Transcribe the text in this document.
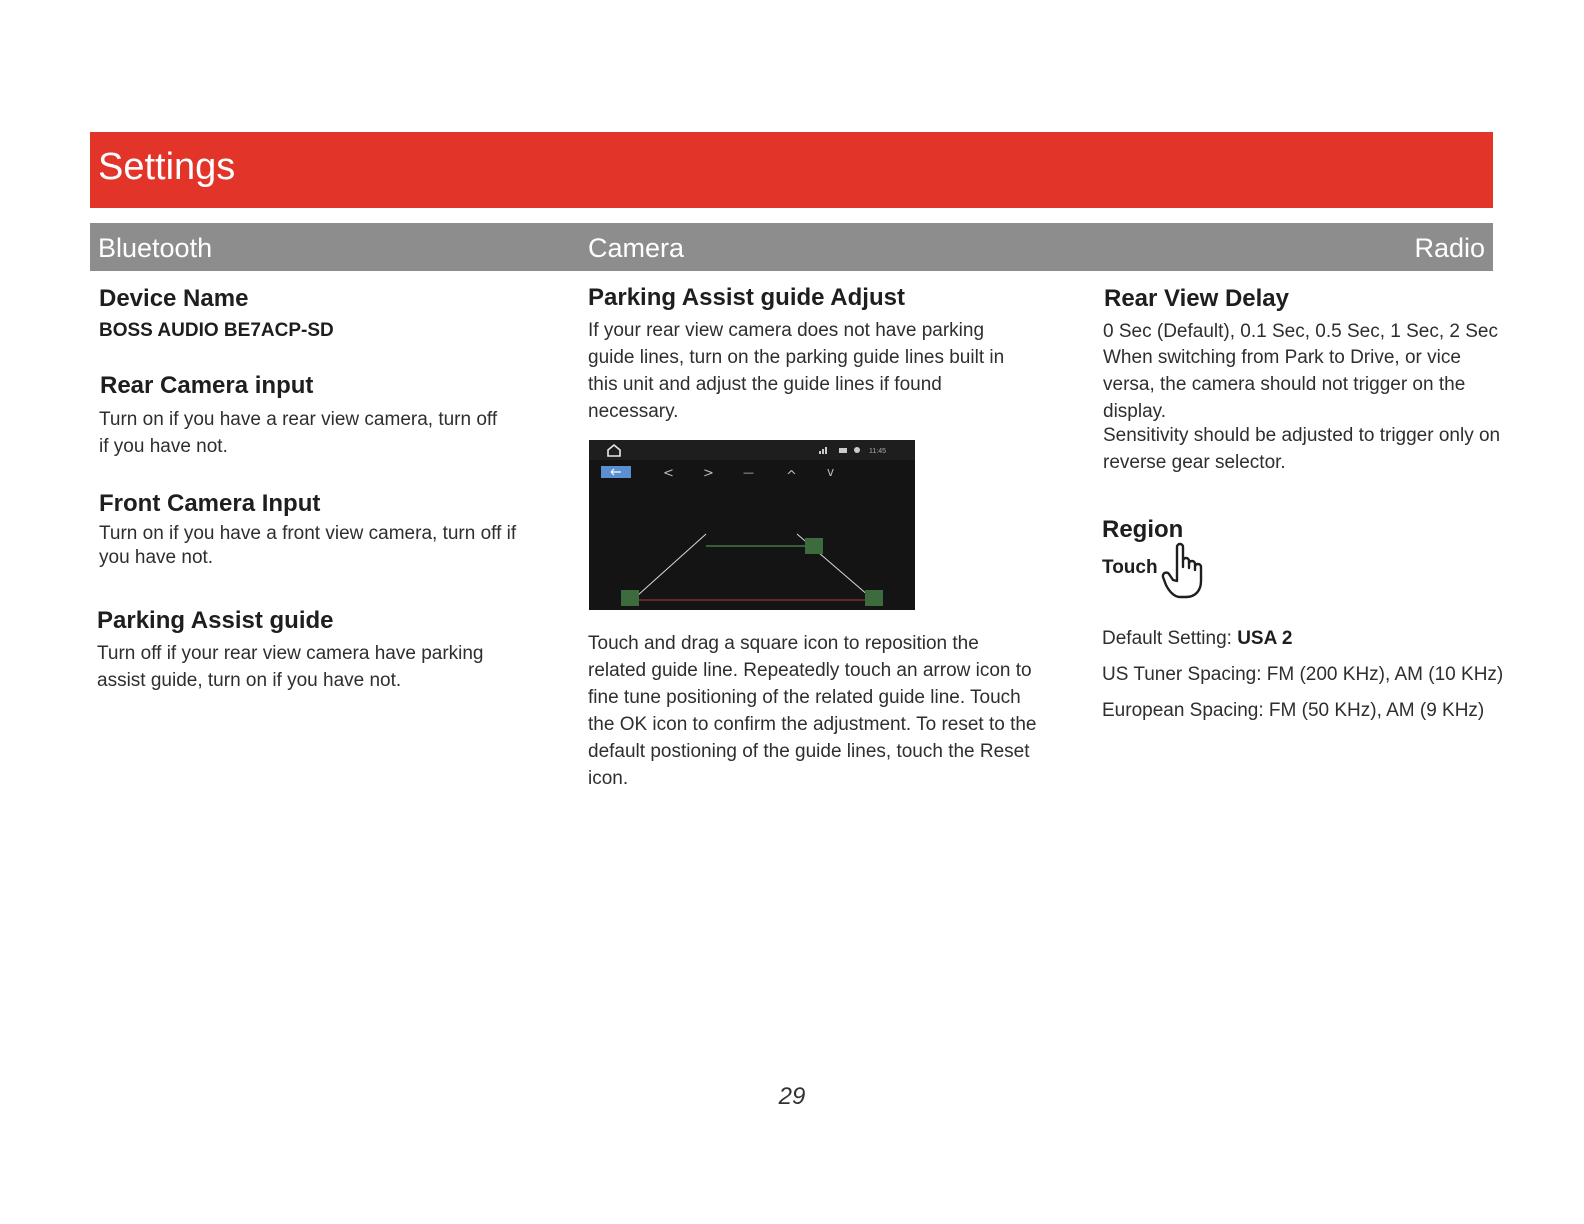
Settings
Bluetooth	Camera	Radio
Device Name
BOSS AUDIO BE7ACP-SD
Rear Camera input
Turn on if you have a rear view camera, turn off if you have not.
Front Camera Input
Turn on if you have a front view camera, turn off if you have not.
Parking Assist guide
Turn off if your rear view camera have parking assist guide, turn on if you have not.
Parking Assist guide Adjust
If your rear view camera does not have parking guide lines, turn on the parking guide lines built in this unit and adjust the guide lines if found necessary.
11:45
< >	— ^	v
Touch and drag a square icon to reposition the related guide line. Repeatedly touch an arrow icon to fine tune positioning of the related guide line. Touch the OK icon to confirm the adjustment. To reset to the default postioning of the guide lines, touch the Reset icon.
Rear View Delay
0 Sec (Default), 0.1 Sec, 0.5 Sec, 1 Sec, 2 Sec
When switching from Park to Drive, or vice versa, the camera should not trigger on the display.
Sensitivity should be adjusted to trigger only on reverse gear selector.
Region
Touch
Default Setting: USA 2
US Tuner Spacing: FM (200 KHz), AM (10 KHz)
European Spacing: FM (50 KHz), AM (9 KHz)
29
